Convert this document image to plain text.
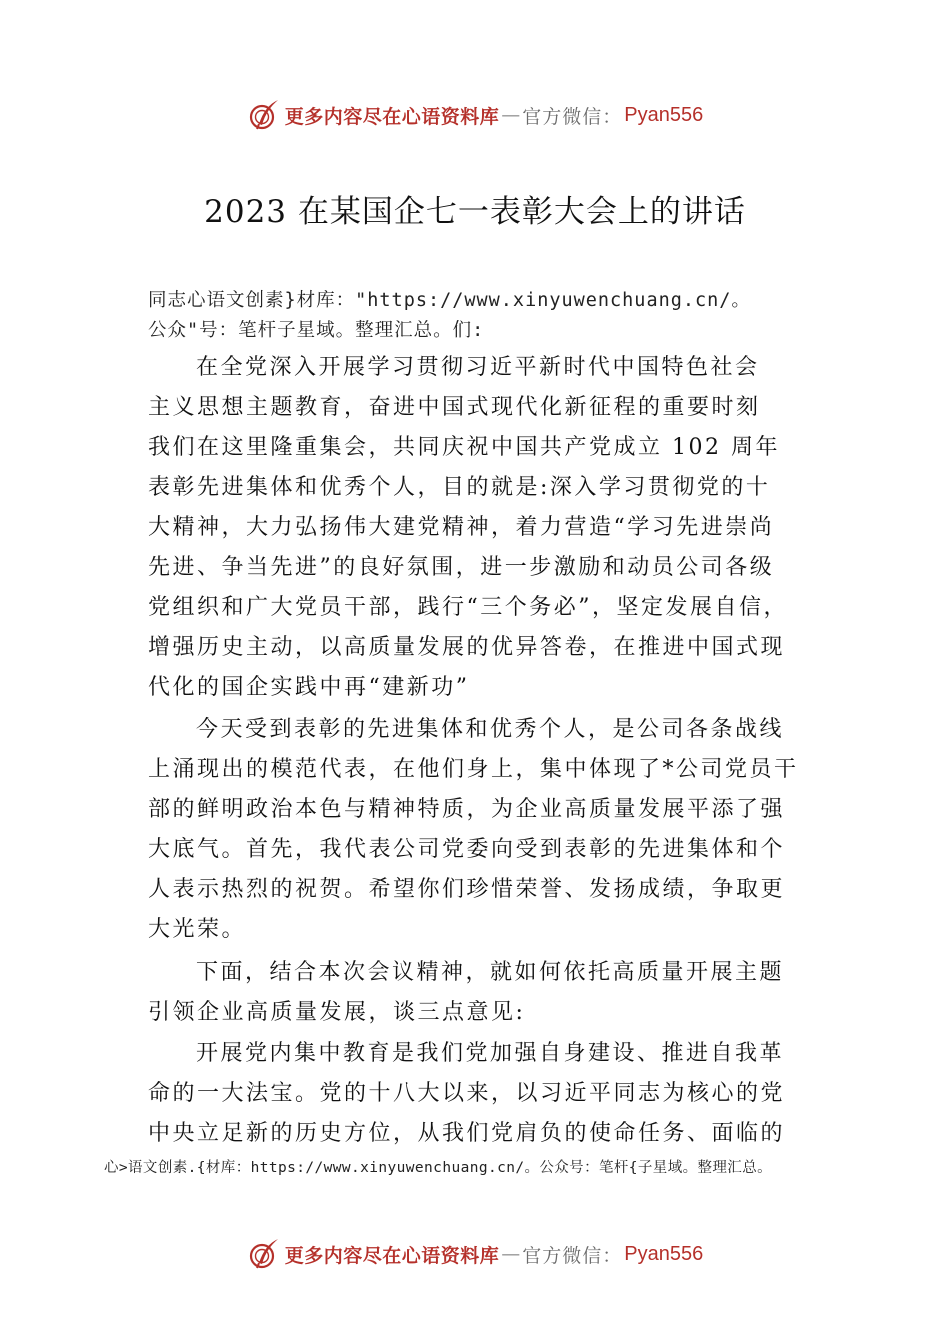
更多内容尽在心语资料库 — 官方微信： Pyan556
2023 在某国企七一表彰大会上的讲话
同志心语文创素}材库："https://www.xinyuwenchuang.cn/。
公众"号：笔杆子星域。整理汇总。们:
在全党深入开展学习贯彻习近平新时代中国特色社会
主义思想主题教育，奋进中国式现代化新征程的重要时刻
我们在这里隆重集会，共同庆祝中国共产党成立 102 周年
表彰先进集体和优秀个人，目的就是:深入学习贯彻党的十
大精神，大力弘扬伟大建党精神，着力营造“学习先进崇尚
先进、争当先进”的良好氛围，进一步激励和动员公司各级
党组织和广大党员干部，践行“三个务必”，坚定发展自信，
增强历史主动，以高质量发展的优异答卷，在推进中国式现
代化的国企实践中再“建新功”
今天受到表彰的先进集体和优秀个人，是公司各条战线
上涌现出的模范代表，在他们身上，集中体现了*公司党员干
部的鲜明政治本色与精神特质，为企业高质量发展平添了强
大底气。首先，我代表公司党委向受到表彰的先进集体和个
人表示热烈的祝贺。希望你们珍惜荣誉、发扬成绩，争取更
大光荣。
下面，结合本次会议精神，就如何依托高质量开展主题
引领企业高质量发展，谈三点意见:
开展党内集中教育是我们党加强自身建设、推进自我革
命的一大法宝。党的十八大以来，以习近平同志为核心的党
中央立足新的历史方位，从我们党肩负的使命任务、面临的
心>语文创素.{材库：https://www.xinyuwenchuang.cn/。公众号：笔杆{子星域。整理汇总。
更多内容尽在心语资料库 — 官方微信： Pyan556
